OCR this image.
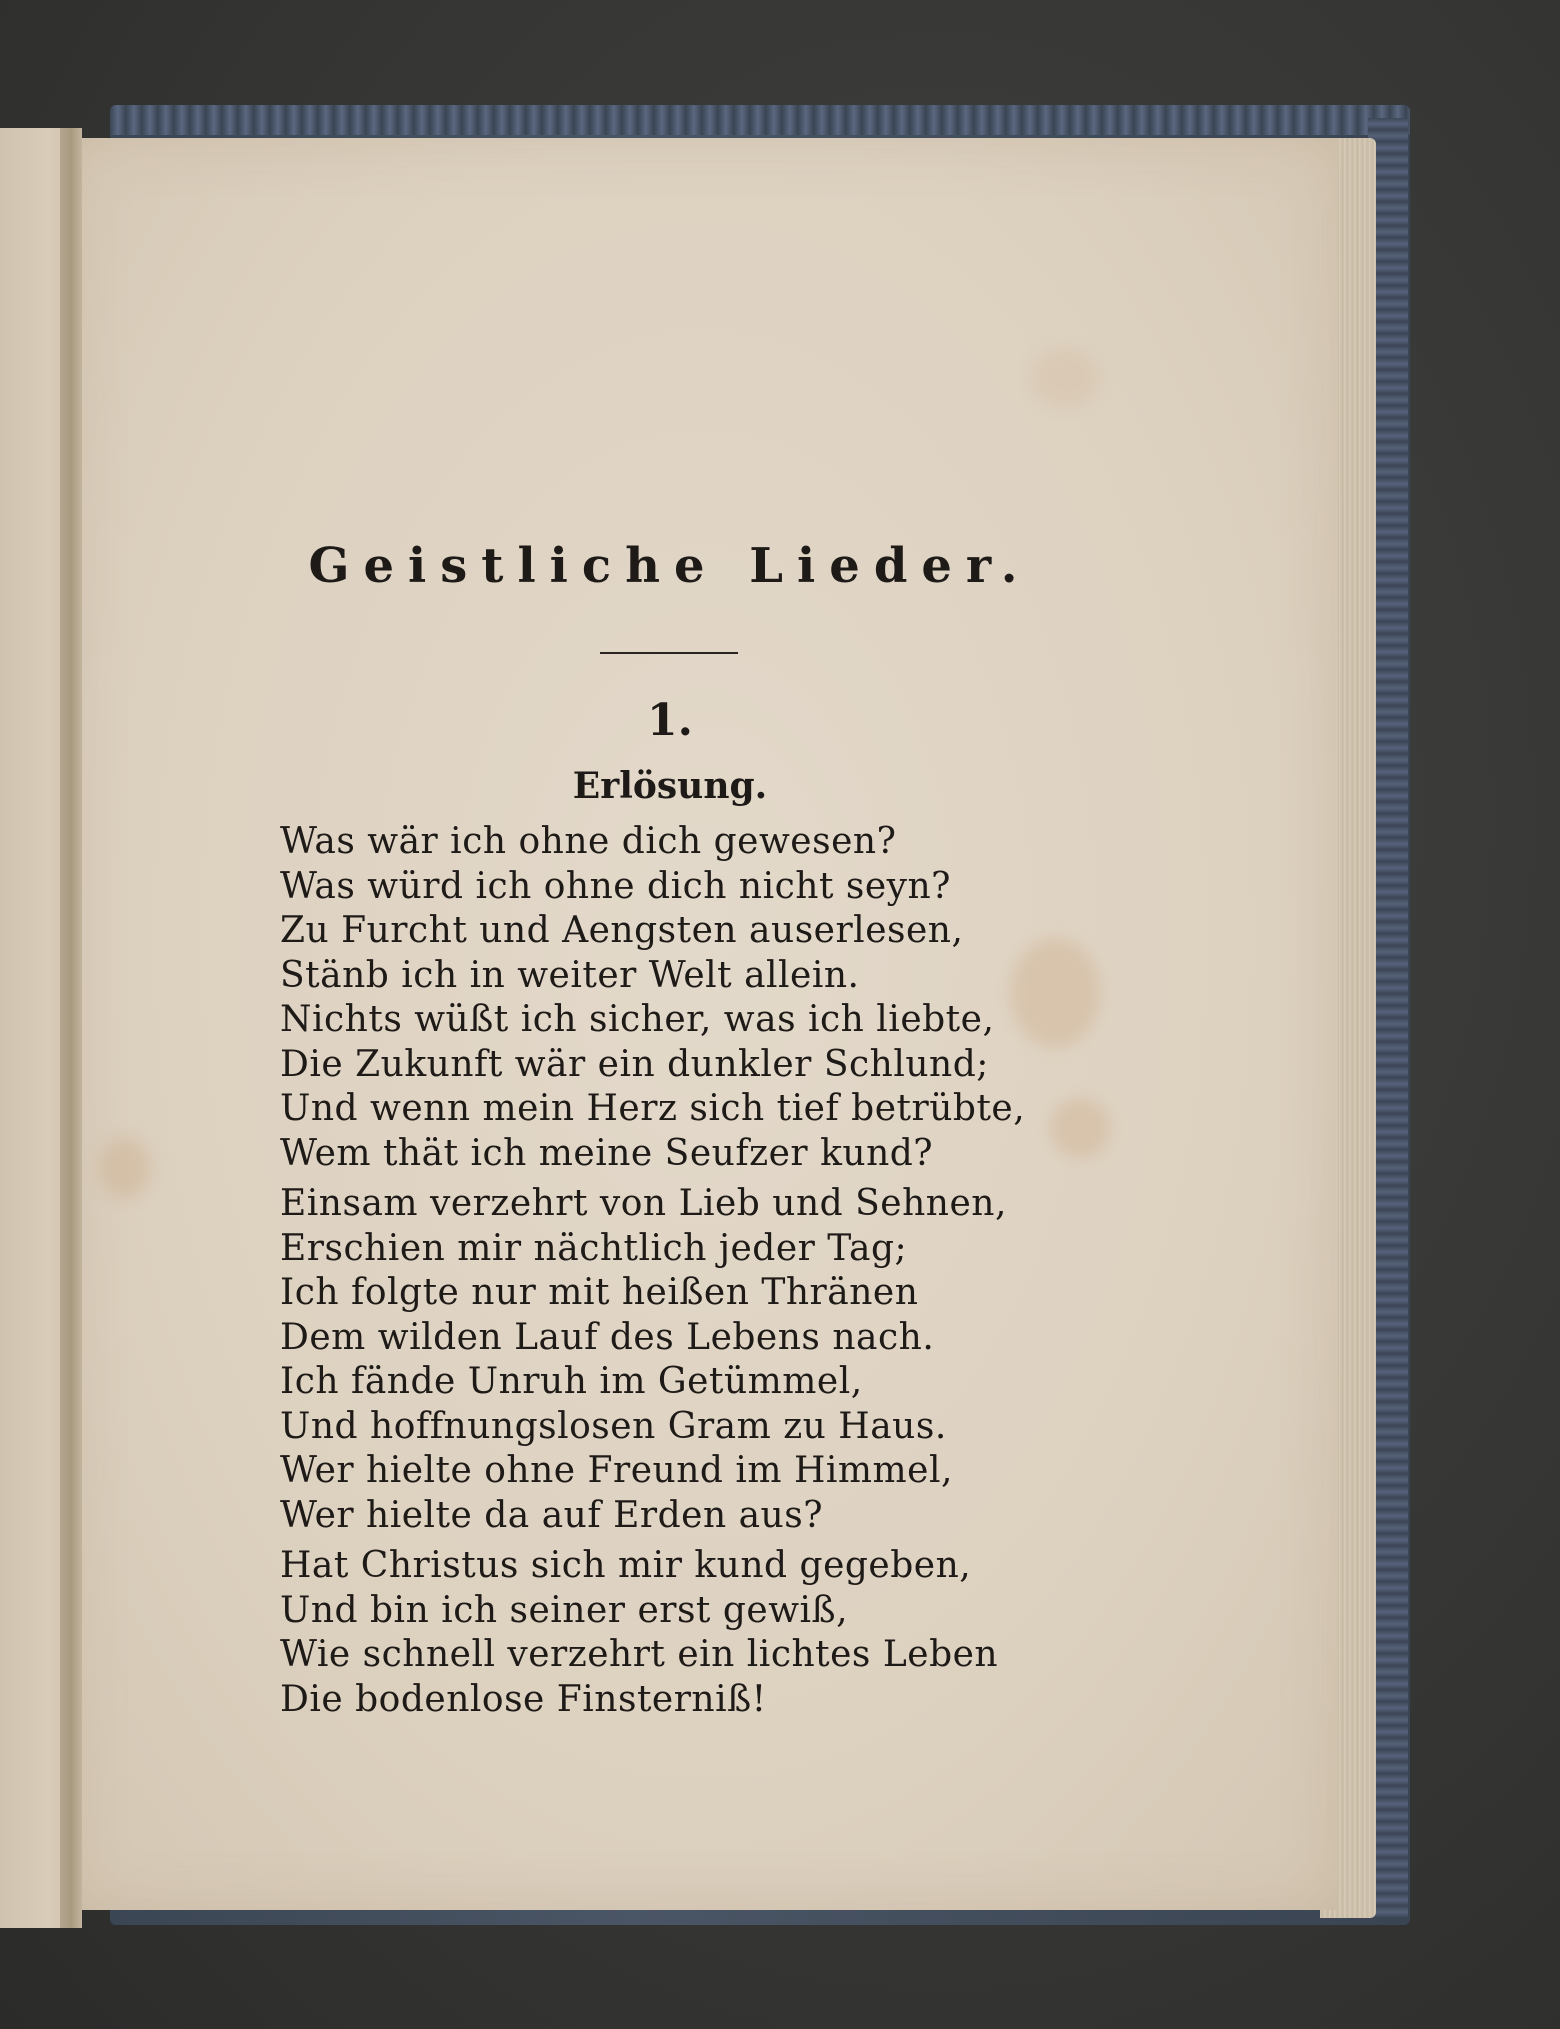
Geistliche Lieder.
1.
Erlösung.
Was wär ich ohne dich gewesen?
Was würd ich ohne dich nicht seyn?
Zu Furcht und Aengsten auserlesen,
Stänb ich in weiter Welt allein.
Nichts wüßt ich sicher, was ich liebte,
Die Zukunft wär ein dunkler Schlund;
Und wenn mein Herz sich tief betrübte,
Wem thät ich meine Seufzer kund?
Einsam verzehrt von Lieb und Sehnen,
Erschien mir nächtlich jeder Tag;
Ich folgte nur mit heißen Thränen
Dem wilden Lauf des Lebens nach.
Ich fände Unruh im Getümmel,
Und hoffnungslosen Gram zu Haus.
Wer hielte ohne Freund im Himmel,
Wer hielte da auf Erden aus?
Hat Christus sich mir kund gegeben,
Und bin ich seiner erst gewiß,
Wie schnell verzehrt ein lichtes Leben
Die bodenlose Finsterniß!
